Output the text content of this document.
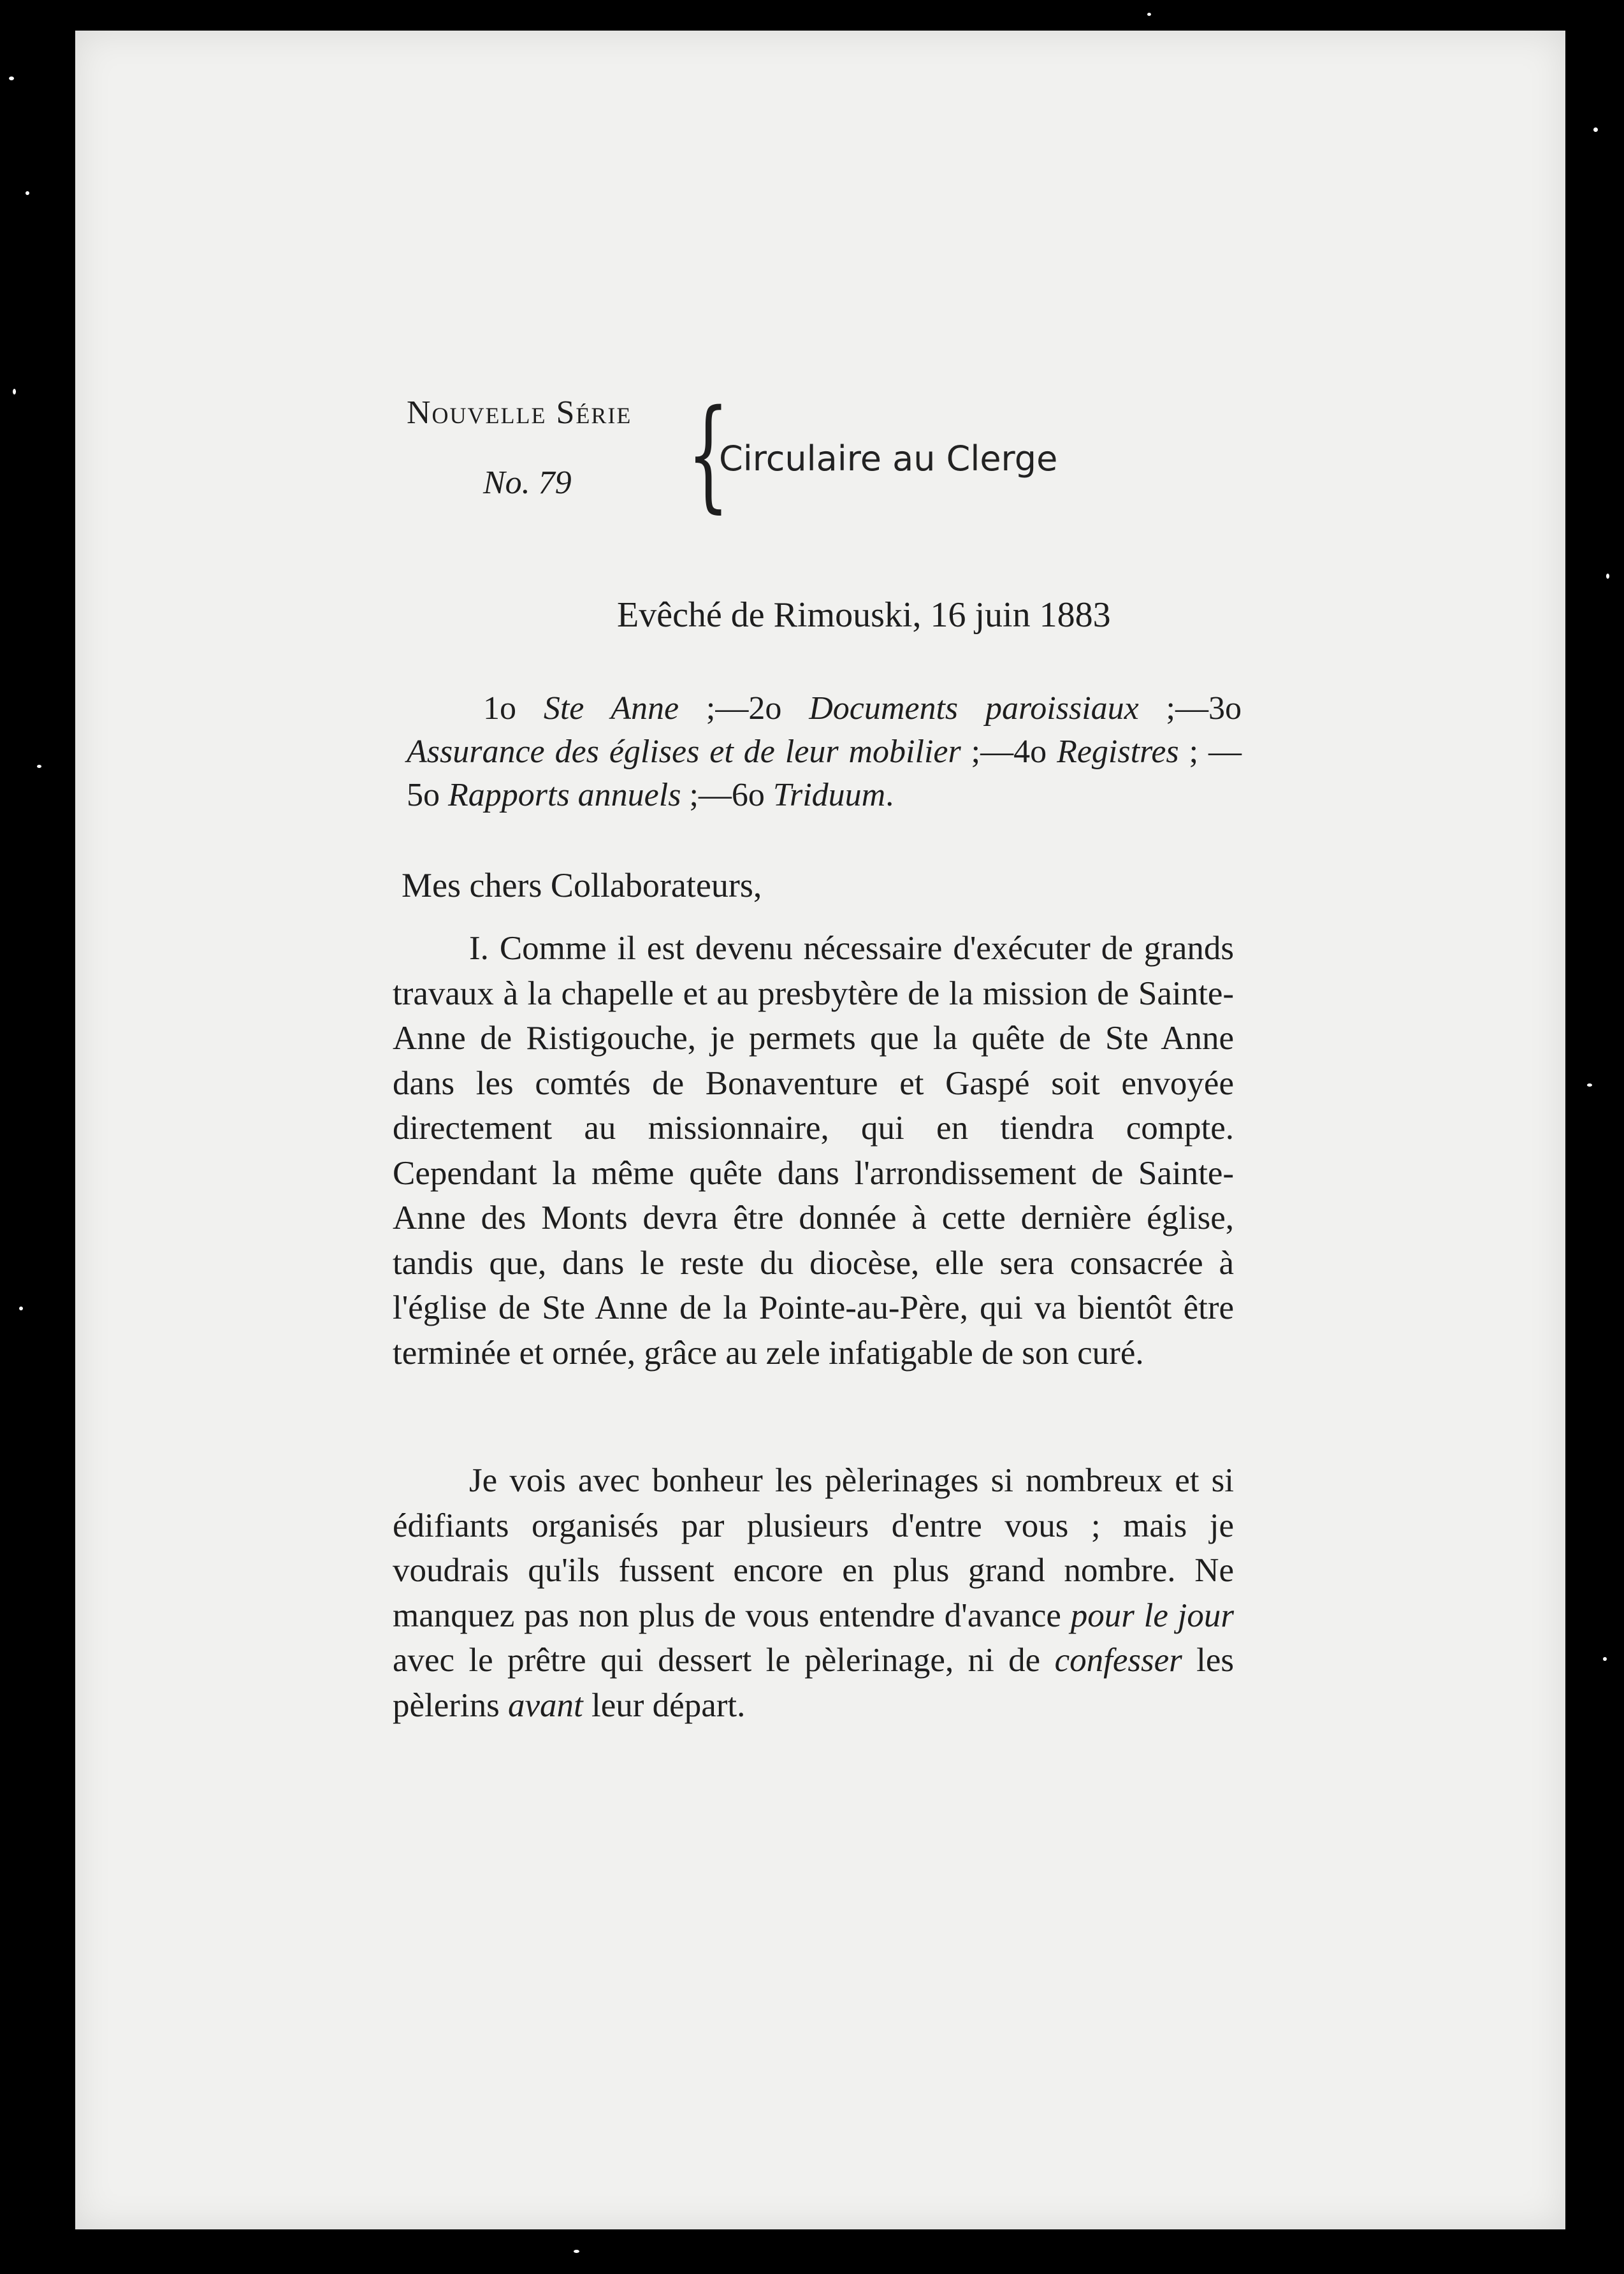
Nouvelle Série
No. 79 {
Circulaire au Clerge
Evêché de Rimouski, 16 juin 1883
1o Ste Anne ;—2o Documents paroissiaux ;—3o Assurance des églises et de leur mobilier ;—4o Registres ; —5o Rapports annuels ;—6o Triduum.
Mes chers Collaborateurs,
I. Comme il est devenu nécessaire d'exécuter de grands travaux à la chapelle et au presbytère de la mission de Sainte-Anne de Ristigouche, je permets que la quête de Ste Anne dans les comtés de Bonaventure et Gaspé soit envoyée directement au missionnaire, qui en tiendra compte. Cependant la même quête dans l'arrondissement de Sainte-Anne des Monts devra être donnée à cette dernière église, tandis que, dans le reste du diocèse, elle sera consacrée à l'église de Ste Anne de la Pointe-au-Père, qui va bientôt être terminée et ornée, grâce au zele infatigable de son curé.
Je vois avec bonheur les pèlerinages si nombreux et si édifiants organisés par plusieurs d'entre vous ; mais je voudrais qu'ils fussent encore en plus grand nombre. Ne manquez pas non plus de vous entendre d'avance pour le jour avec le prêtre qui dessert le pèlerinage, ni de confesser les pèlerins avant leur départ.
